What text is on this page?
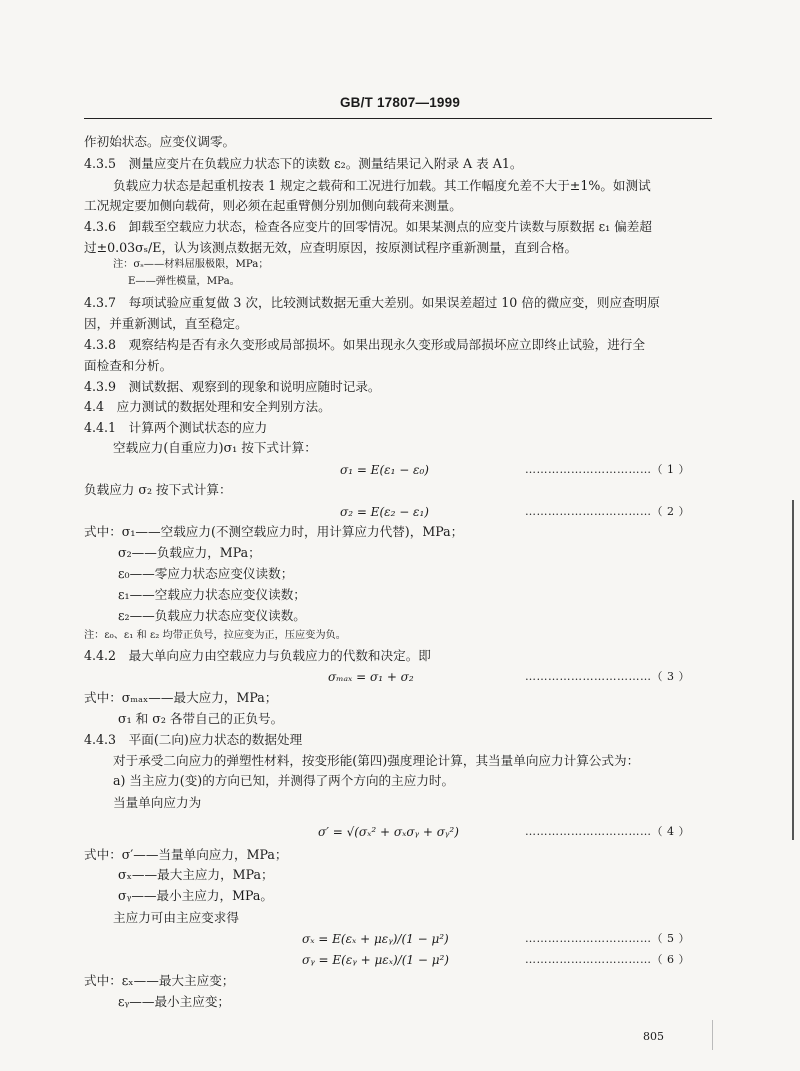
GB/T 17807—1999
作初始状态。应变仪调零。
4.3.5　测量应变片在负载应力状态下的读数 ε₂。测量结果记入附录 A 表 A1。
负载应力状态是起重机按表 1 规定之载荷和工况进行加载。其工作幅度允差不大于±1%。如测试
工况规定要加侧向载荷，则必须在起重臂侧分别加侧向载荷来测量。
4.3.6　卸载至空载应力状态，检查各应变片的回零情况。如果某测点的应变片读数与原数据 ε₁ 偏差超
过±0.03σₛ/E，认为该测点数据无效，应查明原因，按原测试程序重新测量，直到合格。
注：σₛ——材料屈服极限，MPa；
E——弹性模量，MPa。
4.3.7　每项试验应重复做 3 次，比较测试数据无重大差别。如果误差超过 10 倍的微应变，则应查明原
因，并重新测试，直至稳定。
4.3.8　观察结构是否有永久变形或局部损坏。如果出现永久变形或局部损坏应立即终止试验，进行全
面检查和分析。
4.3.9　测试数据、观察到的现象和说明应随时记录。
4.4　应力测试的数据处理和安全判别方法。
4.4.1　计算两个测试状态的应力
空载应力(自重应力)σ₁ 按下式计算：
σ₁ = E(ε₁ − ε₀)	……………………………（ 1 ）
负载应力 σ₂ 按下式计算：
σ₂ = E(ε₂ − ε₁)	……………………………（ 2 ）
式中：σ₁——空载应力(不测空载应力时，用计算应力代替)，MPa；
σ₂——负载应力，MPa；
ε₀——零应力状态应变仪读数；
ε₁——空载应力状态应变仪读数；
ε₂——负载应力状态应变仪读数。
注：ε₀、ε₁ 和 ε₂ 均带正负号，拉应变为正，压应变为负。
4.4.2　最大单向应力由空载应力与负载应力的代数和决定。即
σₘₐₓ = σ₁ + σ₂	……………………………（ 3 ）
式中：σₘₐₓ——最大应力，MPa；
σ₁ 和 σ₂ 各带自己的正负号。
4.4.3　平面(二向)应力状态的数据处理
对于承受二向应力的弹塑性材料，按变形能(第四)强度理论计算，其当量单向应力计算公式为：
a) 当主应力(变)的方向已知，并测得了两个方向的主应力时。
当量单向应力为
σ′ = √(σₓ² + σₓσᵧ + σᵧ²)	……………………………（ 4 ）
式中：σ′——当量单向应力，MPa；
σₓ——最大主应力，MPa；
σᵧ——最小主应力，MPa。
主应力可由主应变求得
σₓ = E(εₓ + μεᵧ)/(1 − μ²)	……………………………（ 5 ）
σᵧ = E(εᵧ + μεₓ)/(1 − μ²)	……………………………（ 6 ）
式中：εₓ——最大主应变；
εᵧ——最小主应变；
805
